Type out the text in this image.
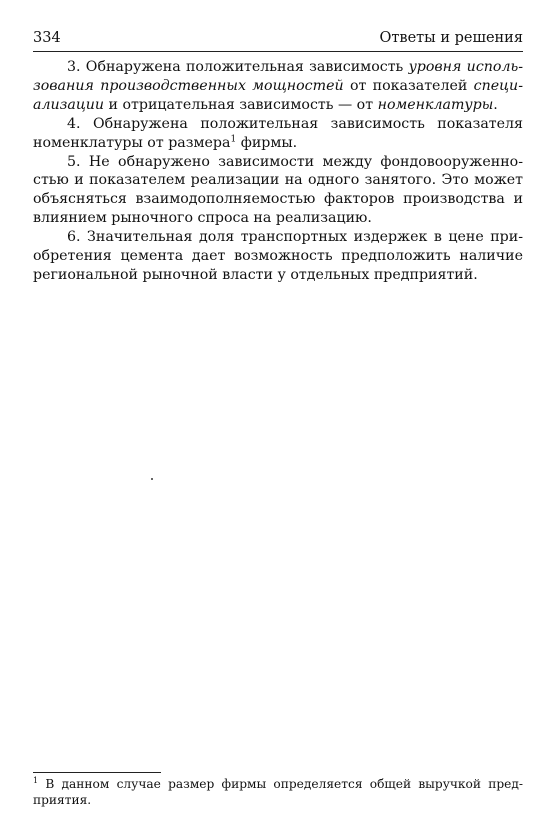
334	Ответы и решения

3. Обнаружена положительная зависимость уровня использования производственных мощностей от показателей специализации и отрицательная зависимость — от номенклатуры.

4. Обнаружена положительная зависимость показателя номенклатуры от размера$^1$ фирмы.

5. Не обнаружено зависимости между фондовооруженностью и показателем реализации на одного занятого. Это может объясняться взаимодополняемостью факторов производства и влиянием рыночного спроса на реализацию.

6. Значительная доля транспортных издержек в цене приобретения цемента дает возможность предположить наличие региональной рыночной власти у отдельных предприятий.

$^1$ В данном случае размер фирмы определяется общей выручкой предприятия.
